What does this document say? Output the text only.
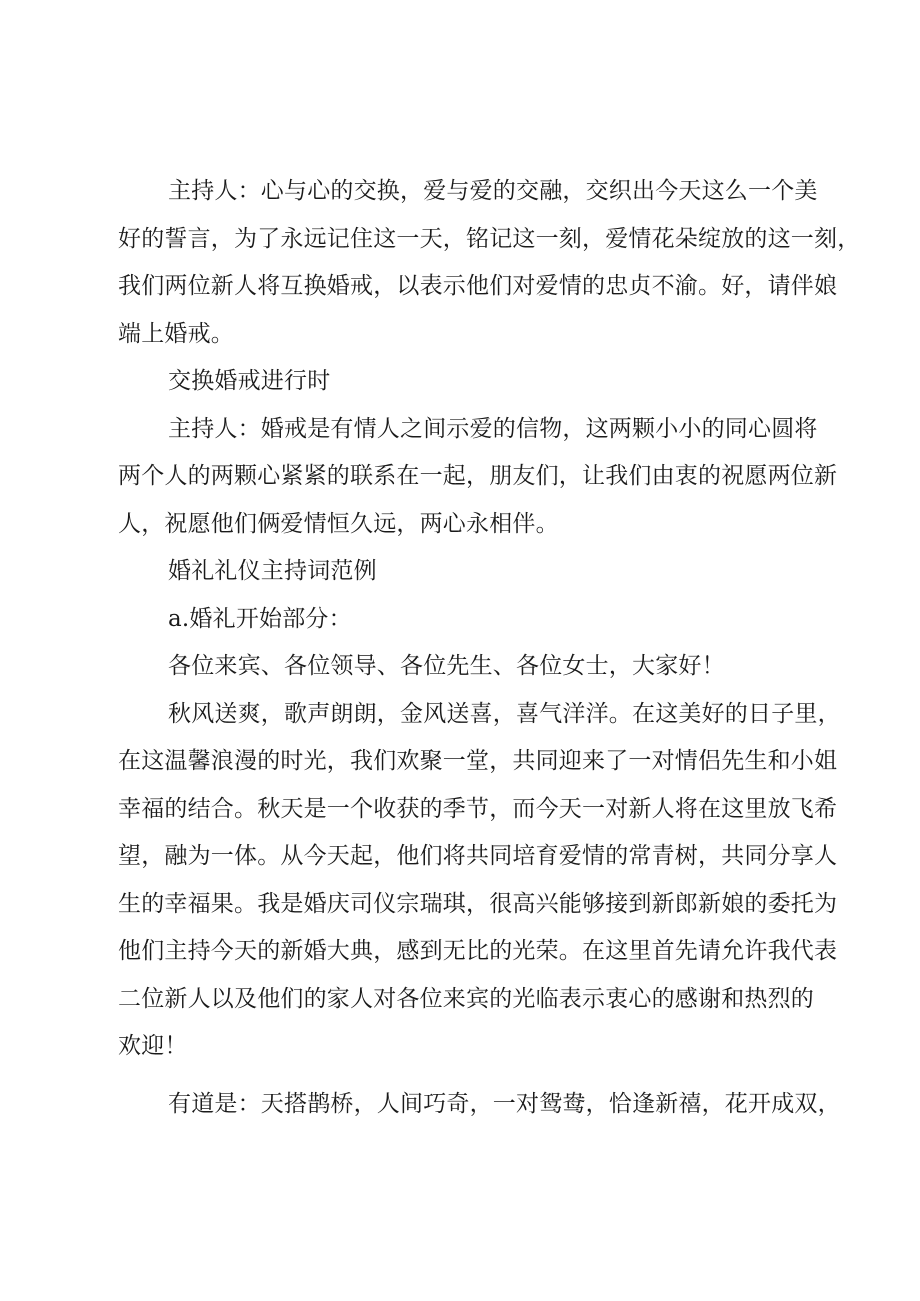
主持人：心与心的交换，爱与爱的交融，交织出今天这么一个美
好的誓言，为了永远记住这一天，铭记这一刻，爱情花朵绽放的这一刻，
我们两位新人将互换婚戒，以表示他们对爱情的忠贞不渝。好，请伴娘
端上婚戒。
交换婚戒进行时
主持人：婚戒是有情人之间示爱的信物，这两颗小小的同心圆将
两个人的两颗心紧紧的联系在一起，朋友们，让我们由衷的祝愿两位新
人，祝愿他们俩爱情恒久远，两心永相伴。
婚礼礼仪主持词范例
a.婚礼开始部分：
各位来宾、各位领导、各位先生、各位女士，大家好！
秋风送爽，歌声朗朗，金风送喜，喜气洋洋。在这美好的日子里，
在这温馨浪漫的时光，我们欢聚一堂，共同迎来了一对情侣先生和小姐
幸福的结合。秋天是一个收获的季节，而今天一对新人将在这里放飞希
望，融为一体。从今天起，他们将共同培育爱情的常青树，共同分享人
生的幸福果。我是婚庆司仪宗瑞琪，很高兴能够接到新郎新娘的委托为
他们主持今天的新婚大典，感到无比的光荣。在这里首先请允许我代表
二位新人以及他们的家人对各位来宾的光临表示衷心的感谢和热烈的
欢迎！
有道是：天搭鹊桥，人间巧奇，一对鸳鸯，恰逢新禧，花开成双，
